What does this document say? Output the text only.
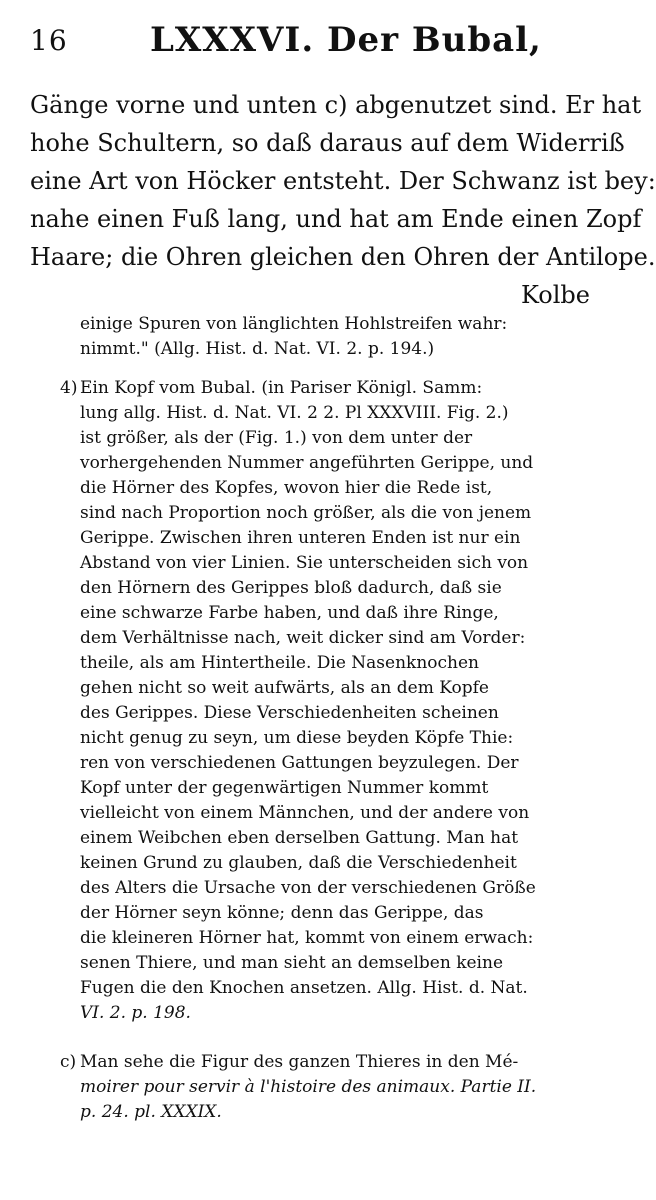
16 LXXXVI. Der Bubal,
Gänge vorne und unten c) abgenutzet sind. Er hat
hohe Schultern, so daß daraus auf dem Widerriß
eine Art von Höcker entsteht. Der Schwanz ist bey:
nahe einen Fuß lang, und hat am Ende einen Zopf
Haare; die Ohren gleichen den Ohren der Antilope.
Kolbe
einige Spuren von länglichten Hohlstreifen wahr:
nimmt." (Allg. Hist. d. Nat. VI. 2. p. 194.)
4) Ein Kopf vom Bubal. (in Pariser Königl. Samm:
lung allg. Hist. d. Nat. VI. 2 2. Pl XXXVIII. Fig. 2.)
ist größer, als der (Fig. 1.) von dem unter der
vorhergehenden Nummer angeführten Gerippe, und
die Hörner des Kopfes, wovon hier die Rede ist,
sind nach Proportion noch größer, als die von jenem
Gerippe. Zwischen ihren unteren Enden ist nur ein
Abstand von vier Linien. Sie unterscheiden sich von
den Hörnern des Gerippes bloß dadurch, daß sie
eine schwarze Farbe haben, und daß ihre Ringe,
dem Verhältnisse nach, weit dicker sind am Vorder:
theile, als am Hintertheile. Die Nasenknochen
gehen nicht so weit aufwärts, als an dem Kopfe
des Gerippes. Diese Verschiedenheiten scheinen
nicht genug zu seyn, um diese beyden Köpfe Thie:
ren von verschiedenen Gattungen beyzulegen. Der
Kopf unter der gegenwärtigen Nummer kommt
vielleicht von einem Männchen, und der andere von
einem Weibchen eben derselben Gattung. Man hat
keinen Grund zu glauben, daß die Verschiedenheit
des Alters die Ursache von der verschiedenen Größe
der Hörner seyn könne; denn das Gerippe, das
die kleineren Hörner hat, kommt von einem erwach:
senen Thiere, und man sieht an demselben keine
Fugen die den Knochen ansetzen. Allg. Hist. d. Nat.
VI. 2. p. 198.
c) Man sehe die Figur des ganzen Thieres in den Mé-
moirer pour servir à l'histoire des animaux. Partie II.
p. 24. pl. XXXIX.
